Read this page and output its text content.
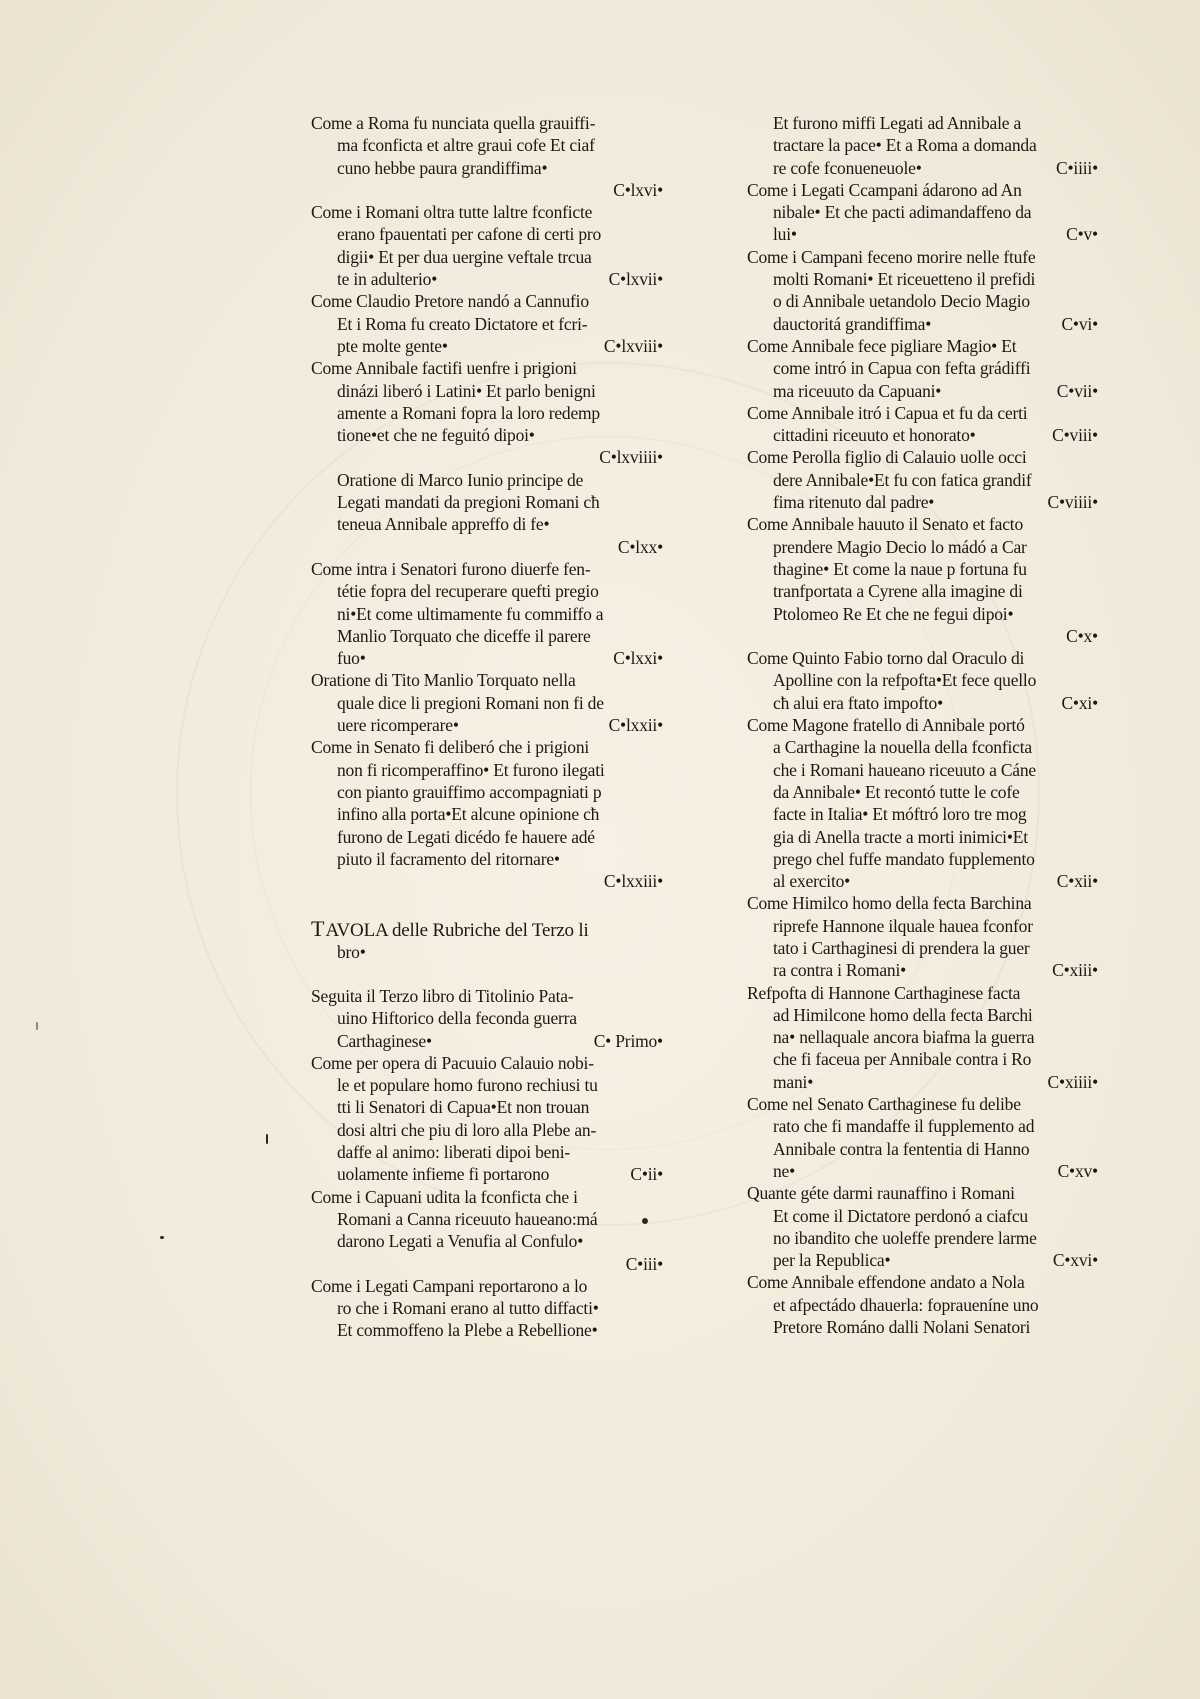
Come a Roma fu nunciata quella grauiffi-
ma fconficta et altre graui cofe Et ciaf
cuno hebbe paura grandiffima•
C•lxvi•
Come i Romani oltra tutte laltre fconficte
erano fpauentati per cafone di certi pro
digii• Et per dua uergine veftale trcua
te in adulterio•	C•lxvii•
Come Claudio Pretore nandó a Cannufio
Et i Roma fu creato Dictatore et fcri-
pte molte gente•	C•lxviii•
Come Annibale factifi uenfre i prigioni
dinázi liberó i Latini• Et parlo benigni
amente a Romani fopra la loro redemp
tione•et che ne feguitó dipoi•
C•lxviiii•
Oratione di Marco Iunio principe de
Legati mandati da pregioni Romani cħ
teneua Annibale appreffo di fe•
C•lxx•
Come intra i Senatori furono diuerfe fen-
tétie fopra del recuperare quefti pregio
ni•Et come ultimamente fu commiffo a
Manlio Torquato che diceffe il parere
fuo•	C•lxxi•
Oratione di Tito Manlio Torquato nella
quale dice li pregioni Romani non fi de
uere ricomperare•	C•lxxii•
Come in Senato fi deliberó che i prigioni
non fi ricomperaffino• Et furono ilegati
con pianto grauiffimo accompagniati p
infino alla porta•Et alcune opinione cħ
furono de Legati dicédo fe hauere adé
piuto il facramento del ritornare•
C•lxxiii•
TAVOLA delle Rubriche del Terzo li
bro•
Seguita il Terzo libro di Titolinio Pata-
uino Hiftorico della feconda guerra
Carthaginese•	C• Primo•
Come per opera di Pacuuio Calauio nobi-
le et populare homo furono rechiusi tu
tti li Senatori di Capua•Et non trouan
dosi altri che piu di loro alla Plebe an-
daffe al animo: liberati dipoi beni-
uolamente infieme fi portarono	C•ii•
Come i Capuani udita la fconficta che i
Romani a Canna riceuuto haueano:má
darono Legati a Venufia al Confulo•
C•iii•
Come i Legati Campani reportarono a lo
ro che i Romani erano al tutto diffacti•
Et commoffeno la Plebe a Rebellione•
Et furono miffi Legati ad Annibale a
tractare la pace• Et a Roma a domanda
re cofe fconueneuole•	C•iiii•
Come i Legati Ccampani ádarono ad An
nibale• Et che pacti adimandaffeno da
lui•	C•v•
Come i Campani feceno morire nelle ftufe
molti Romani• Et riceuetteno il prefidi
o di Annibale uetandolo Decio Magio
dauctoritá grandiffima•	C•vi•
Come Annibale fece pigliare Magio• Et
come intró in Capua con fefta grádiffi
ma riceuuto da Capuani•	C•vii•
Come Annibale itró i Capua et fu da certi
cittadini riceuuto et honorato•	C•viii•
Come Perolla figlio di Calauio uolle occi
dere Annibale•Et fu con fatica grandif
fima ritenuto dal padre•	C•viiii•
Come Annibale hauuto il Senato et facto
prendere Magio Decio lo mádó a Car
thagine• Et come la naue p fortuna fu
tranfportata a Cyrene alla imagine di
Ptolomeo Re Et che ne fegui dipoi•
C•x•
Come Quinto Fabio torno dal Oraculo di
Apolline con la refpofta•Et fece quello
cħ alui era ftato impofto•	C•xi•
Come Magone fratello di Annibale portó
a Carthagine la nouella della fconficta
che i Romani haueano riceuuto a Cáne
da Annibale• Et recontó tutte le cofe
facte in Italia• Et móftró loro tre mog
gia di Anella tracte a morti inimici•Et
prego chel fuffe mandato fupplemento
al exercito•	C•xii•
Come Himilco homo della fecta Barchina
riprefe Hannone ilquale hauea fconfor
tato i Carthaginesi di prendera la guer
ra contra i Romani•	C•xiii•
Refpofta di Hannone Carthaginese facta
ad Himilcone homo della fecta Barchi
na• nellaquale ancora biafma la guerra
che fi faceua per Annibale contra i Ro
mani•	C•xiiii•
Come nel Senato Carthaginese fu delibe
rato che fi mandaffe il fupplemento ad
Annibale contra la fententia di Hanno
ne•	C•xv•
Quante géte darmi raunaffino i Romani
Et come il Dictatore perdonó a ciafcu
no ibandito che uoleffe prendere larme
per la Republica•	C•xvi•
Come Annibale effendone andato a Nola
et afpectádo dhauerla: fopraueníne uno
Pretore Románo dalli Nolani Senatori
